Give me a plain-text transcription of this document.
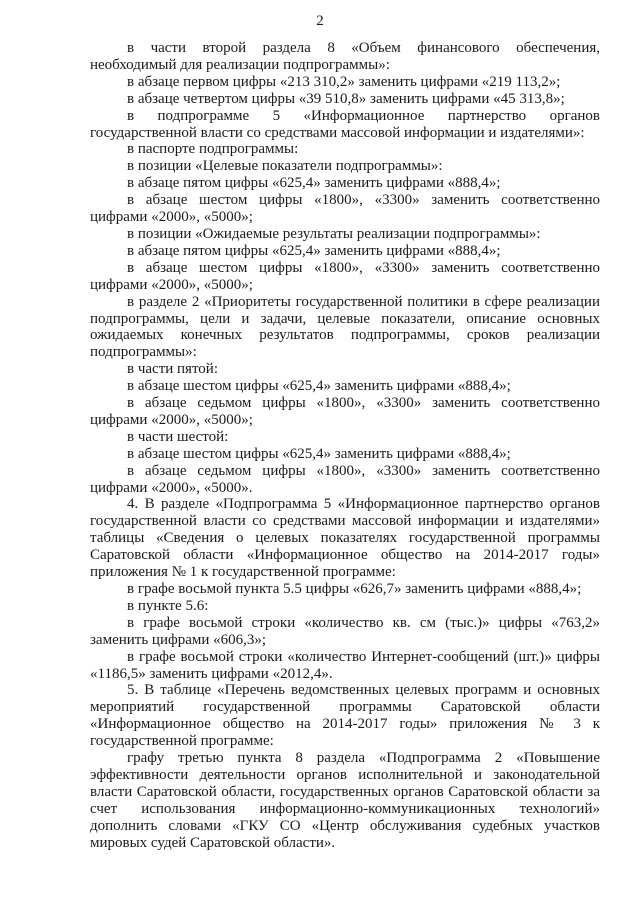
2

в части второй раздела 8 «Объем финансового обеспечения, необходимый для реализации подпрограммы»:

в абзаце первом цифры «213 310,2» заменить цифрами «219 113,2»;

в абзаце четвертом цифры «39 510,8» заменить цифрами «45 313,8»;

в подпрограмме 5 «Информационное партнерство органов государственной власти со средствами массовой информации и издателями»:

в паспорте подпрограммы:

в позиции «Целевые показатели подпрограммы»:

в абзаце пятом цифры «625,4» заменить цифрами «888,4»;

в абзаце шестом цифры «1800», «3300» заменить соответственно цифрами «2000», «5000»;

в позиции «Ожидаемые результаты реализации подпрограммы»:

в абзаце пятом цифры «625,4» заменить цифрами «888,4»;

в абзаце шестом цифры «1800», «3300» заменить соответственно цифрами «2000», «5000»;

в разделе 2 «Приоритеты государственной политики в сфере реализации подпрограммы, цели и задачи, целевые показатели, описание основных ожидаемых конечных результатов подпрограммы, сроков реализации подпрограммы»:

в части пятой:

в абзаце шестом цифры «625,4» заменить цифрами «888,4»;

в абзаце седьмом цифры «1800», «3300» заменить соответственно цифрами «2000», «5000»;

в части шестой:

в абзаце шестом цифры «625,4» заменить цифрами «888,4»;

в абзаце седьмом цифры «1800», «3300» заменить соответственно цифрами «2000», «5000».

4. В разделе «Подпрограмма 5 «Информационное партнерство органов государственной власти со средствами массовой информации и издателями» таблицы «Сведения о целевых показателях государственной программы Саратовской области «Информационное общество на 2014-2017 годы» приложения № 1 к государственной программе:

в графе восьмой пункта 5.5 цифры «626,7» заменить цифрами «888,4»;

в пункте 5.6:

в графе восьмой строки «количество кв. см (тыс.)» цифры «763,2» заменить цифрами «606,3»;

в графе восьмой строки «количество Интернет-сообщений (шт.)» цифры «1186,5» заменить цифрами «2012,4».

5. В таблице «Перечень ведомственных целевых программ и основных мероприятий государственной программы Саратовской области «Информационное общество на 2014-2017 годы» приложения № 3 к государственной программе:

графу третью пункта 8 раздела «Подпрограмма 2 «Повышение эффективности деятельности органов исполнительной и законодательной власти Саратовской области, государственных органов Саратовской области за счет использования информационно-коммуникационных технологий» дополнить словами «ГКУ СО «Центр обслуживания судебных участков мировых судей Саратовской области».
